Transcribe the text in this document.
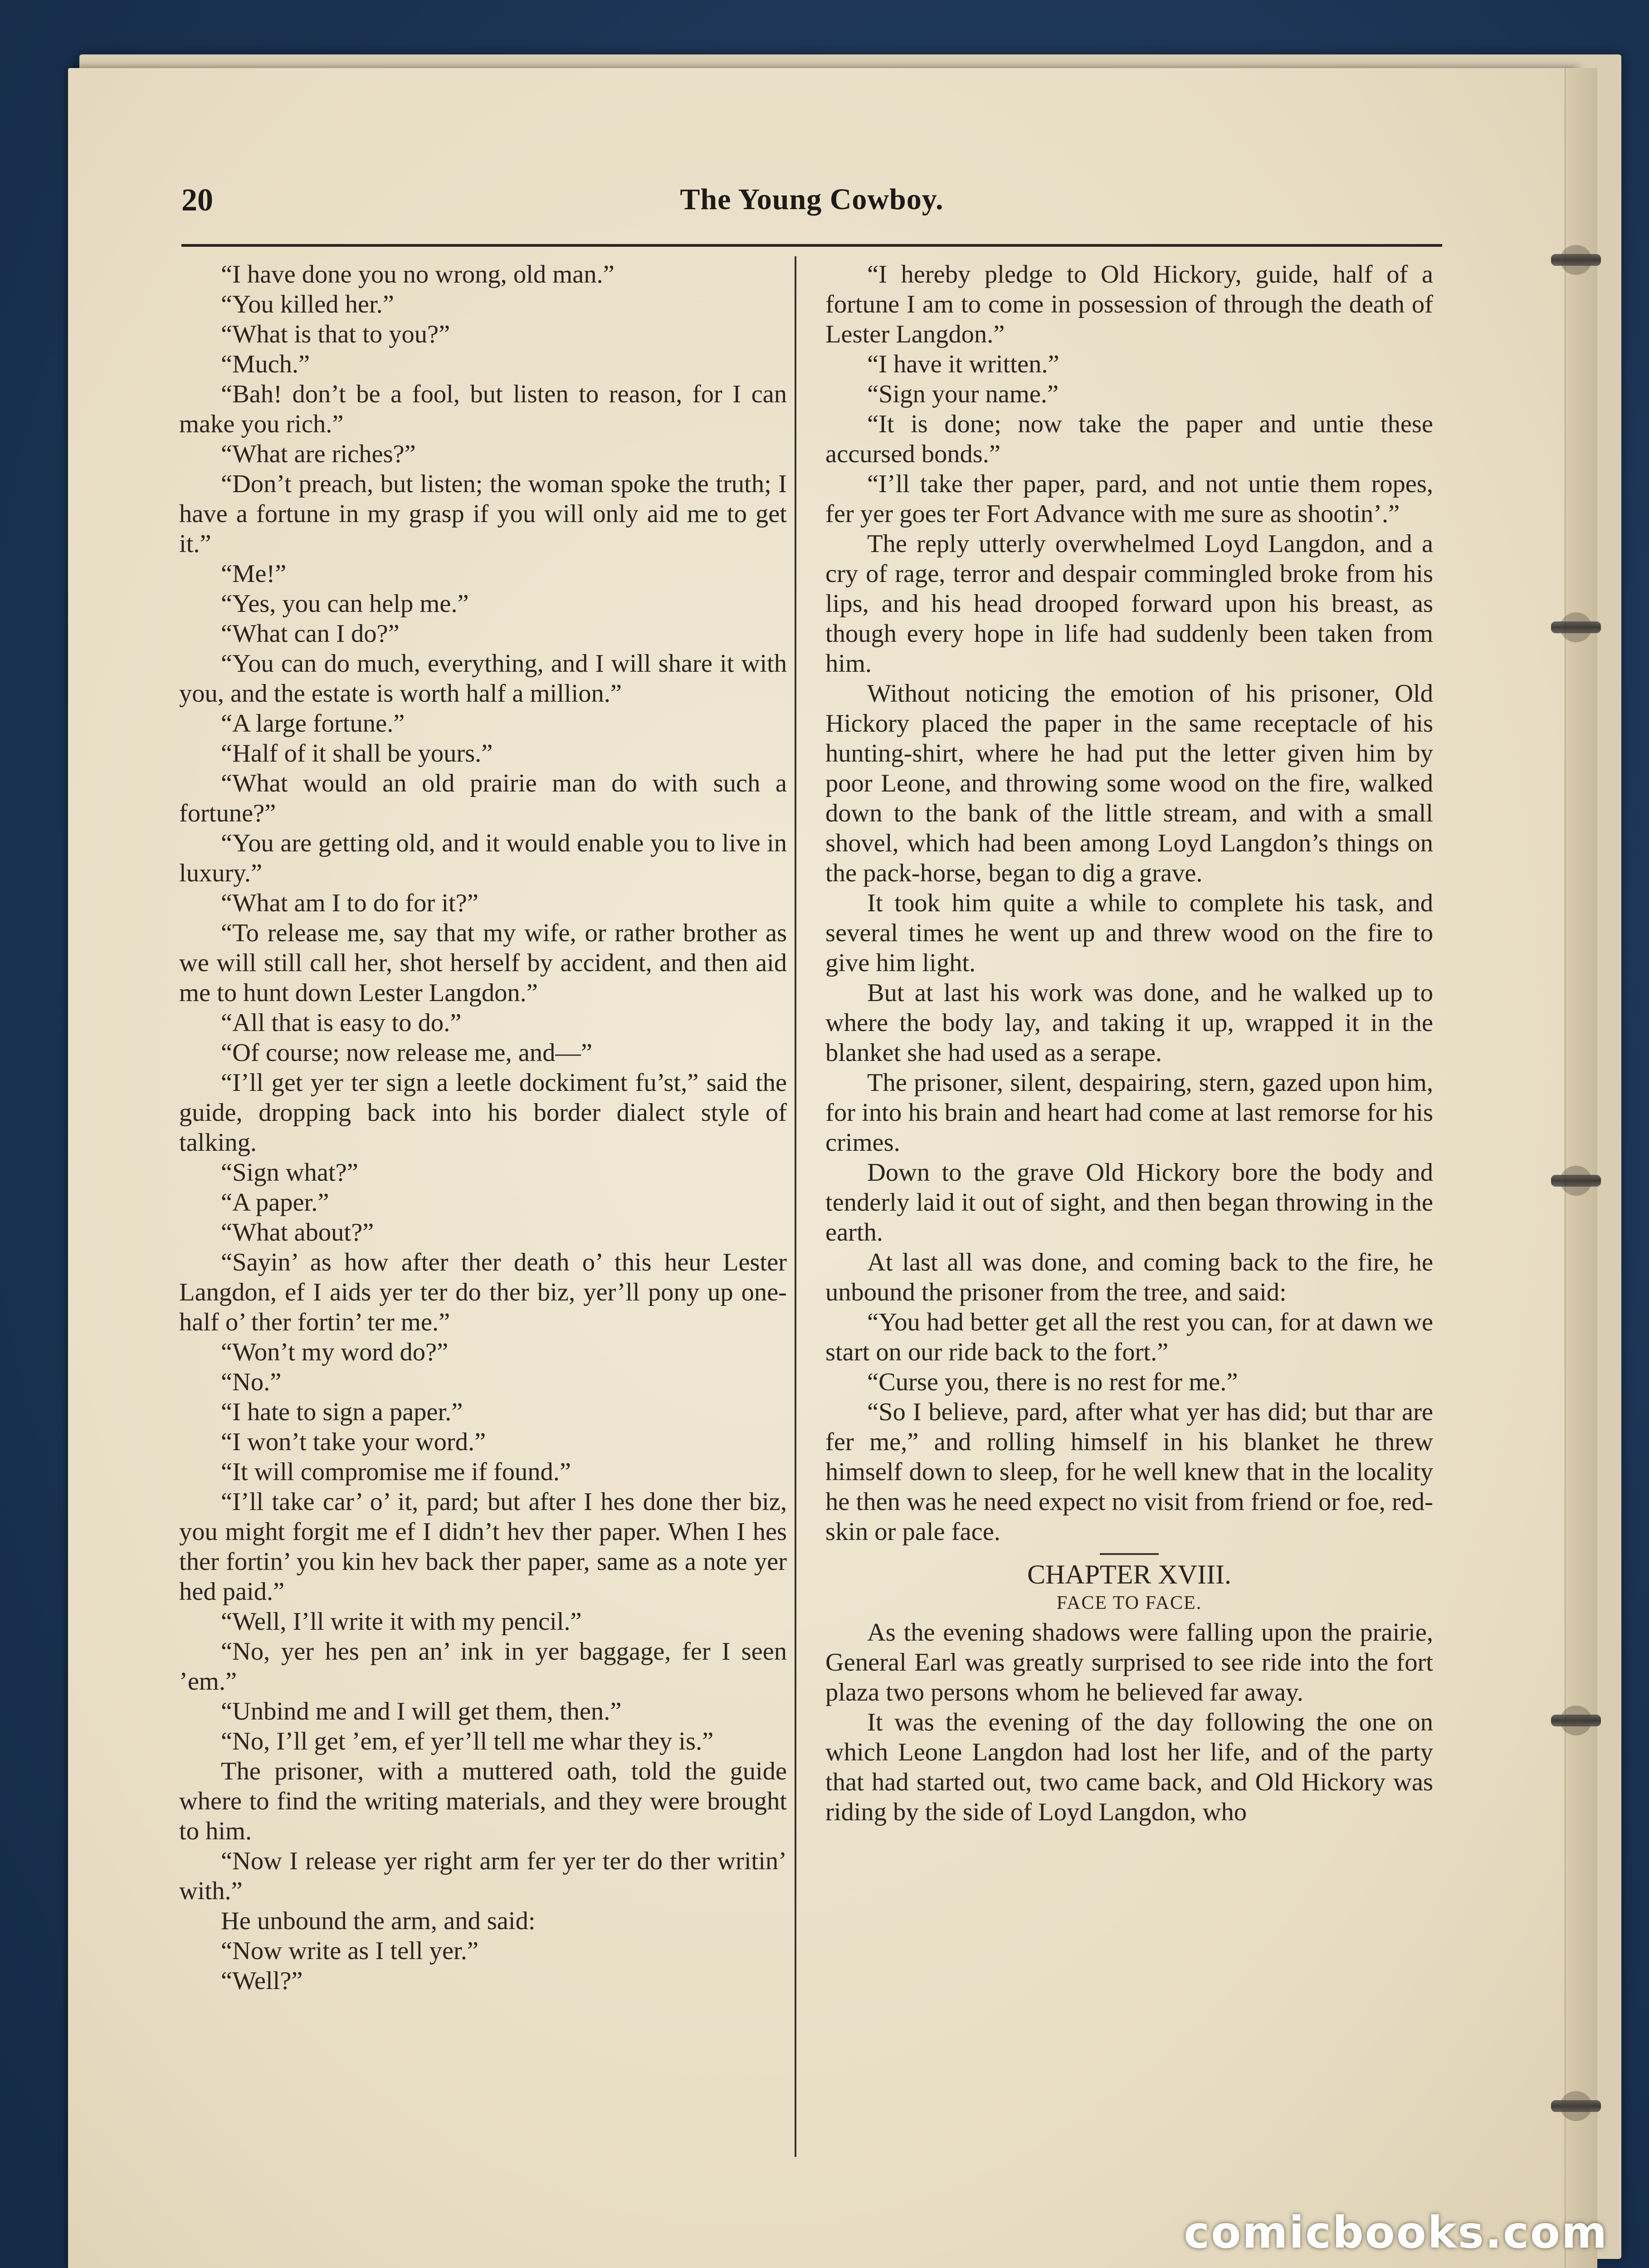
20	The Young Cowboy.

“I have done you no wrong, old man.”

“You killed her.”

“What is that to you?”

“Much.”

“Bah! don’t be a fool, but listen to reason, for I can make you rich.”

“What are riches?”

“Don’t preach, but listen; the woman spoke the truth; I have a fortune in my grasp if you will only aid me to get it.”

“Me!”

“Yes, you can help me.”

“What can I do?”

“You can do much, everything, and I will share it with you, and the estate is worth half a million.”

“A large fortune.”

“Half of it shall be yours.”

“What would an old prairie man do with such a fortune?”

“You are getting old, and it would enable you to live in luxury.”

“What am I to do for it?”

“To release me, say that my wife, or rather brother as we will still call her, shot herself by accident, and then aid me to hunt down Lester Langdon.”

“All that is easy to do.”

“Of course; now release me, and—”

“I’ll get yer ter sign a leetle dockiment fu’st,” said the guide, dropping back into his border dialect style of talking.

“Sign what?”

“A paper.”

“What about?”

“Sayin’ as how after ther death o’ this heur Lester Langdon, ef I aids yer ter do ther biz, yer’ll pony up one-half o’ ther fortin’ ter me.”

“Won’t my word do?”

“No.”

“I hate to sign a paper.”

“I won’t take your word.”

“It will compromise me if found.”

“I’ll take car’ o’ it, pard; but after I hes done ther biz, you might forgit me ef I didn’t hev ther paper. When I hes ther fortin’ you kin hev back ther paper, same as a note yer hed paid.”

“Well, I’ll write it with my pencil.”

“No, yer hes pen an’ ink in yer baggage, fer I seen ’em.”

“Unbind me and I will get them, then.”

“No, I’ll get ’em, ef yer’ll tell me whar they is.”

The prisoner, with a muttered oath, told the guide where to find the writing materials, and they were brought to him.

“Now I release yer right arm fer yer ter do ther writin’ with.”

He unbound the arm, and said:

“Now write as I tell yer.”

“Well?”

“I hereby pledge to Old Hickory, guide, half of a fortune I am to come in possession of through the death of Lester Langdon.”

“I have it written.”

“Sign your name.”

“It is done; now take the paper and untie these accursed bonds.”

“I’ll take ther paper, pard, and not untie them ropes, fer yer goes ter Fort Advance with me sure as shootin’.”

The reply utterly overwhelmed Loyd Langdon, and a cry of rage, terror and despair commingled broke from his lips, and his head drooped forward upon his breast, as though every hope in life had suddenly been taken from him.

Without noticing the emotion of his prisoner, Old Hickory placed the paper in the same receptacle of his hunting-shirt, where he had put the letter given him by poor Leone, and throwing some wood on the fire, walked down to the bank of the little stream, and with a small shovel, which had been among Loyd Langdon’s things on the pack-horse, began to dig a grave.

It took him quite a while to complete his task, and several times he went up and threw wood on the fire to give him light.

But at last his work was done, and he walked up to where the body lay, and taking it up, wrapped it in the blanket she had used as a serape.

The prisoner, silent, despairing, stern, gazed upon him, for into his brain and heart had come at last remorse for his crimes.

Down to the grave Old Hickory bore the body and tenderly laid it out of sight, and then began throwing in the earth.

At last all was done, and coming back to the fire, he unbound the prisoner from the tree, and said:

“You had better get all the rest you can, for at dawn we start on our ride back to the fort.”

“Curse you, there is no rest for me.”

“So I believe, pard, after what yer has did; but thar are fer me,” and rolling himself in his blanket he threw himself down to sleep, for he well knew that in the locality he then was he need expect no visit from friend or foe, red-skin or pale face.

CHAPTER XVIII.

FACE TO FACE.

As the evening shadows were falling upon the prairie, General Earl was greatly surprised to see ride into the fort plaza two persons whom he believed far away.

It was the evening of the day following the one on which Leone Langdon had lost her life, and of the party that had started out, two came back, and Old Hickory was riding by the side of Loyd Langdon, who

comicbooks.com
